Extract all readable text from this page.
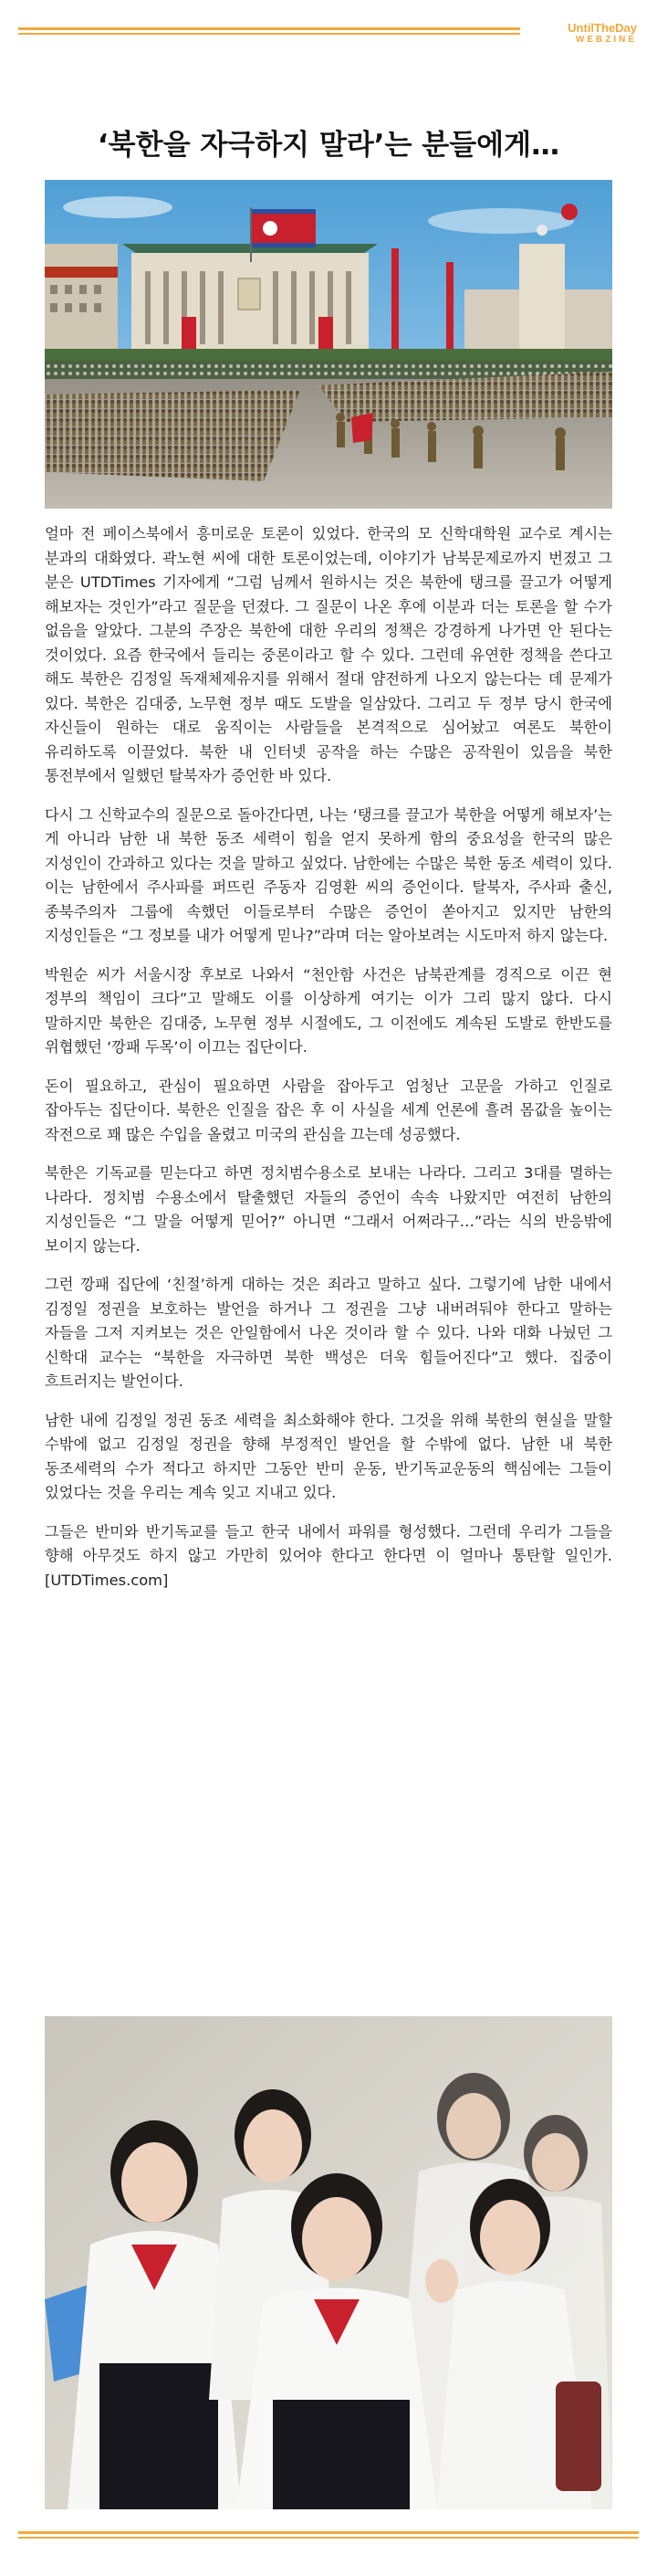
UntilTheDay
WEBZINE
‘북한을 자극하지 말라’는 분들에게…

얼마 전 페이스북에서 흥미로운 토론이 있었다. 한국의 모 신학대학원 교수로 계시는 분과의 대화였다. 곽노현 씨에 대한 토론이었는데, 이야기가 남북문제로까지 번졌고 그 분은 UTDTimes 기자에게 “그럼 님께서 원하시는 것은 북한에 탱크를 끌고가 어떻게 해보자는 것인가”라고 질문을 던졌다. 그 질문이 나온 후에 이분과 더는 토론을 할 수가 없음을 알았다. 그분의 주장은 북한에 대한 우리의 정책은 강경하게 나가면 안 된다는 것이었다. 요즘 한국에서 들리는 중론이라고 할 수 있다. 그런데 유연한 정책을 쓴다고 해도 북한은 김정일 독재체제유지를 위해서 절대 얌전하게 나오지 않는다는 데 문제가 있다. 북한은 김대중, 노무현 정부 때도 도발을 일삼았다. 그리고 두 정부 당시 한국에 자신들이 원하는 대로 움직이는 사람들을 본격적으로 심어놨고 여론도 북한이 유리하도록 이끌었다. 북한 내 인터넷 공작을 하는 수많은 공작원이 있음을 북한 통전부에서 일했던 탈북자가 증언한 바 있다.

다시 그 신학교수의 질문으로 돌아간다면, 나는 ‘탱크를 끌고가 북한을 어떻게 해보자’는 게 아니라 남한 내 북한 동조 세력이 힘을 얻지 못하게 함의 중요성을 한국의 많은 지성인이 간과하고 있다는 것을 말하고 싶었다. 남한에는 수많은 북한 동조 세력이 있다. 이는 남한에서 주사파를 퍼뜨린 주동자 김영환 씨의 증언이다. 탈북자, 주사파 출신, 종북주의자 그룹에 속했던 이들로부터 수많은 증언이 쏟아지고 있지만 남한의 지성인들은 “그 정보를 내가 어떻게 믿나?”라며 더는 알아보려는 시도마저 하지 않는다.

박원순 씨가 서울시장 후보로 나와서 “천안함 사건은 남북관계를 경직으로 이끈 현 정부의 책임이 크다”고 말해도 이를 이상하게 여기는 이가 그리 많지 않다. 다시 말하지만 북한은 김대중, 노무현 정부 시절에도, 그 이전에도 계속된 도발로 한반도를 위협했던 ‘깡패 두목’이 이끄는 집단이다.

돈이 필요하고, 관심이 필요하면 사람을 잡아두고 엄청난 고문을 가하고 인질로 잡아두는 집단이다. 북한은 인질을 잡은 후 이 사실을 세계 언론에 흘려 몸값을 높이는 작전으로 꽤 많은 수입을 올렸고 미국의 관심을 끄는데 성공했다.

북한은 기독교를 믿는다고 하면 정치범수용소로 보내는 나라다. 그리고 3대를 멸하는 나라다. 정치범 수용소에서 탈출했던 자들의 증언이 속속 나왔지만 여전히 남한의 지성인들은 “그 말을 어떻게 믿어?” 아니면 “그래서 어쩌라구…”라는 식의 반응밖에 보이지 않는다.

그런 깡패 집단에 ‘친절’하게 대하는 것은 죄라고 말하고 싶다. 그렇기에 남한 내에서 김정일 정권을 보호하는 발언을 하거나 그 정권을 그냥 내버려둬야 한다고 말하는 자들을 그저 지켜보는 것은 안일함에서 나온 것이라 할 수 있다. 나와 대화 나눴던 그 신학대 교수는 “북한을 자극하면 북한 백성은 더욱 힘들어진다”고 했다. 집중이 흐트러지는 발언이다.

남한 내에 김정일 정권 동조 세력을 최소화해야 한다. 그것을 위해 북한의 현실을 말할 수밖에 없고 김정일 정권을 향해 부정적인 발언을 할 수밖에 없다. 남한 내 북한 동조세력의 수가 적다고 하지만 그동안 반미 운동, 반기독교운동의 핵심에는 그들이 있었다는 것을 우리는 계속 잊고 지내고 있다.

그들은 반미와 반기독교를 들고 한국 내에서 파워를 형성했다. 그런데 우리가 그들을 향해 아무것도 하지 않고 가만히 있어야 한다고 한다면 이 얼마나 통탄할 일인가. [UTDTimes.com]
